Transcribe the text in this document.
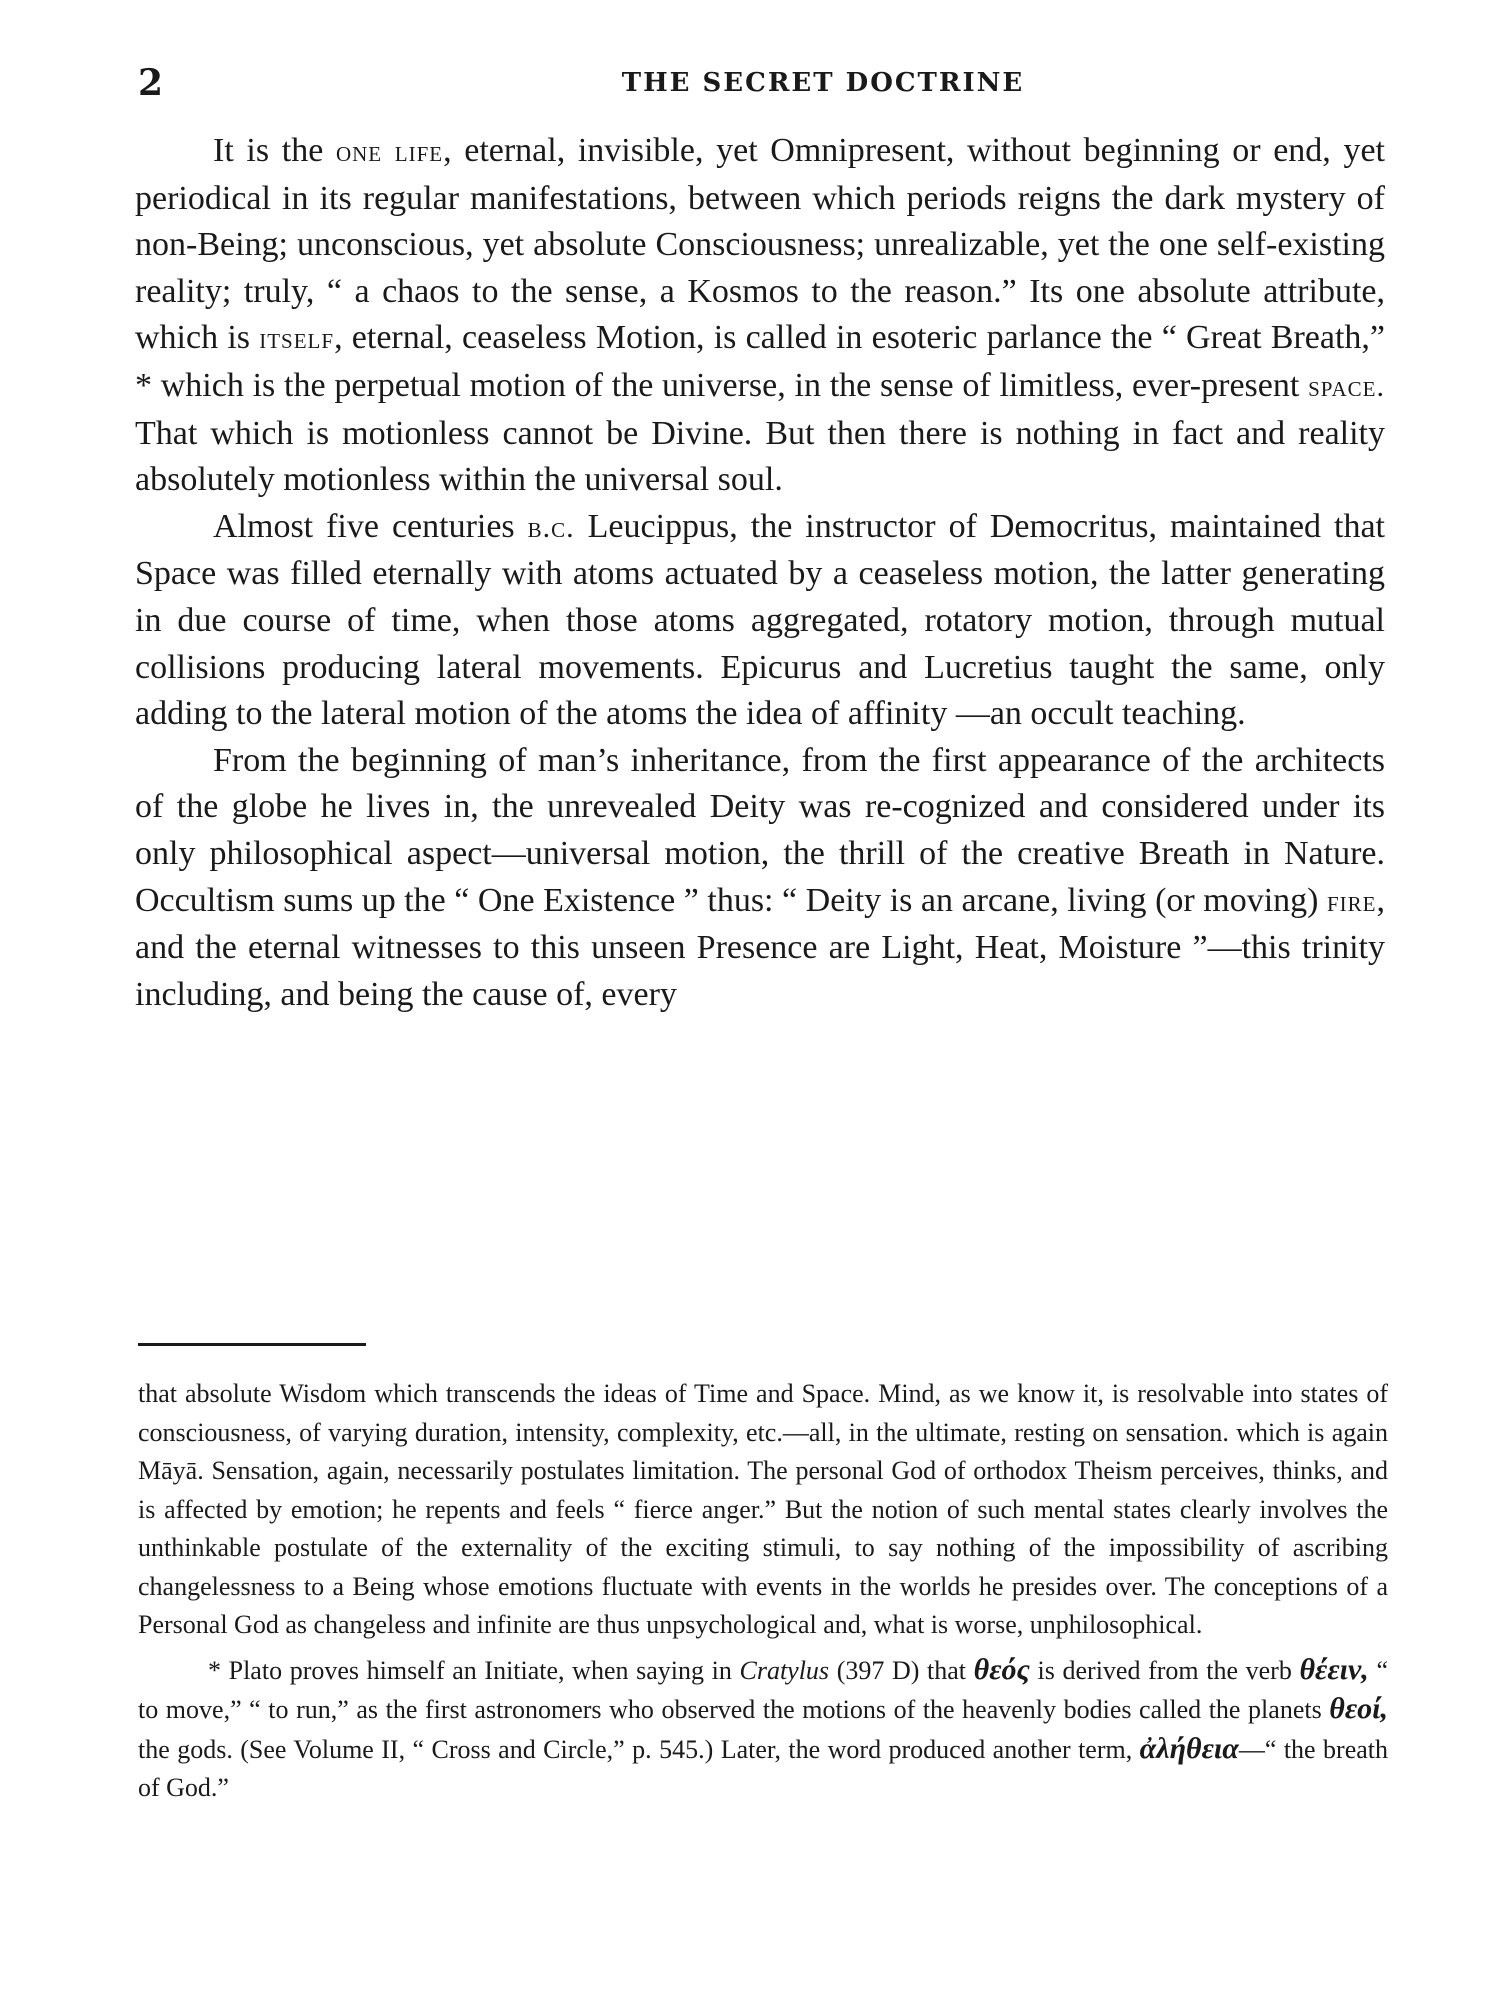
2	THE SECRET DOCTRINE

It is the one life, eternal, invisible, yet Omnipresent, without beginning or end, yet periodical in its regular manifestations, between which periods reigns the dark mystery of non-Being; unconscious, yet absolute Consciousness; unrealizable, yet the one self-existing reality; truly, “ a chaos to the sense, a Kosmos to the reason.” Its one absolute attribute, which is itself, eternal, ceaseless Motion, is called in esoteric parlance the “ Great Breath,” * which is the perpetual motion of the universe, in the sense of limitless, ever-present space. That which is motionless cannot be Divine. But then there is nothing in fact and reality absolutely motionless within the universal soul.

Almost five centuries b.c. Leucippus, the instructor of Democritus, maintained that Space was filled eternally with atoms actuated by a ceaseless motion, the latter generating in due course of time, when those atoms aggregated, rotatory motion, through mutual collisions producing lateral movements. Epicurus and Lucretius taught the same, only adding to the lateral motion of the atoms the idea of affinity —an occult teaching.

From the beginning of man’s inheritance, from the first appearance of the architects of the globe he lives in, the unrevealed Deity was re-cognized and considered under its only philosophical aspect—universal motion, the thrill of the creative Breath in Nature. Occultism sums up the “ One Existence ” thus: “ Deity is an arcane, living (or moving) fire, and the eternal witnesses to this unseen Presence are Light, Heat, Moisture ”—this trinity including, and being the cause of, every

that absolute Wisdom which transcends the ideas of Time and Space. Mind, as we know it, is resolvable into states of consciousness, of varying duration, intensity, complexity, etc.—all, in the ultimate, resting on sensation. which is again Māyā. Sensation, again, necessarily postulates limitation. The personal God of orthodox Theism perceives, thinks, and is affected by emotion; he repents and feels “ fierce anger.” But the notion of such mental states clearly involves the unthinkable postulate of the externality of the exciting stimuli, to say nothing of the impossibility of ascribing changelessness to a Being whose emotions fluctuate with events in the worlds he presides over. The conceptions of a Personal God as changeless and infinite are thus unpsychological and, what is worse, unphilosophical.

* Plato proves himself an Initiate, when saying in Cratylus (397 D) that θεός is derived from the verb θέειν, “ to move,” “ to run,” as the first astronomers who observed the motions of the heavenly bodies called the planets θεοί, the gods. (See Volume II, “ Cross and Circle,” p. 545.) Later, the word produced another term, ἀλήθεια—“ the breath of God.”
